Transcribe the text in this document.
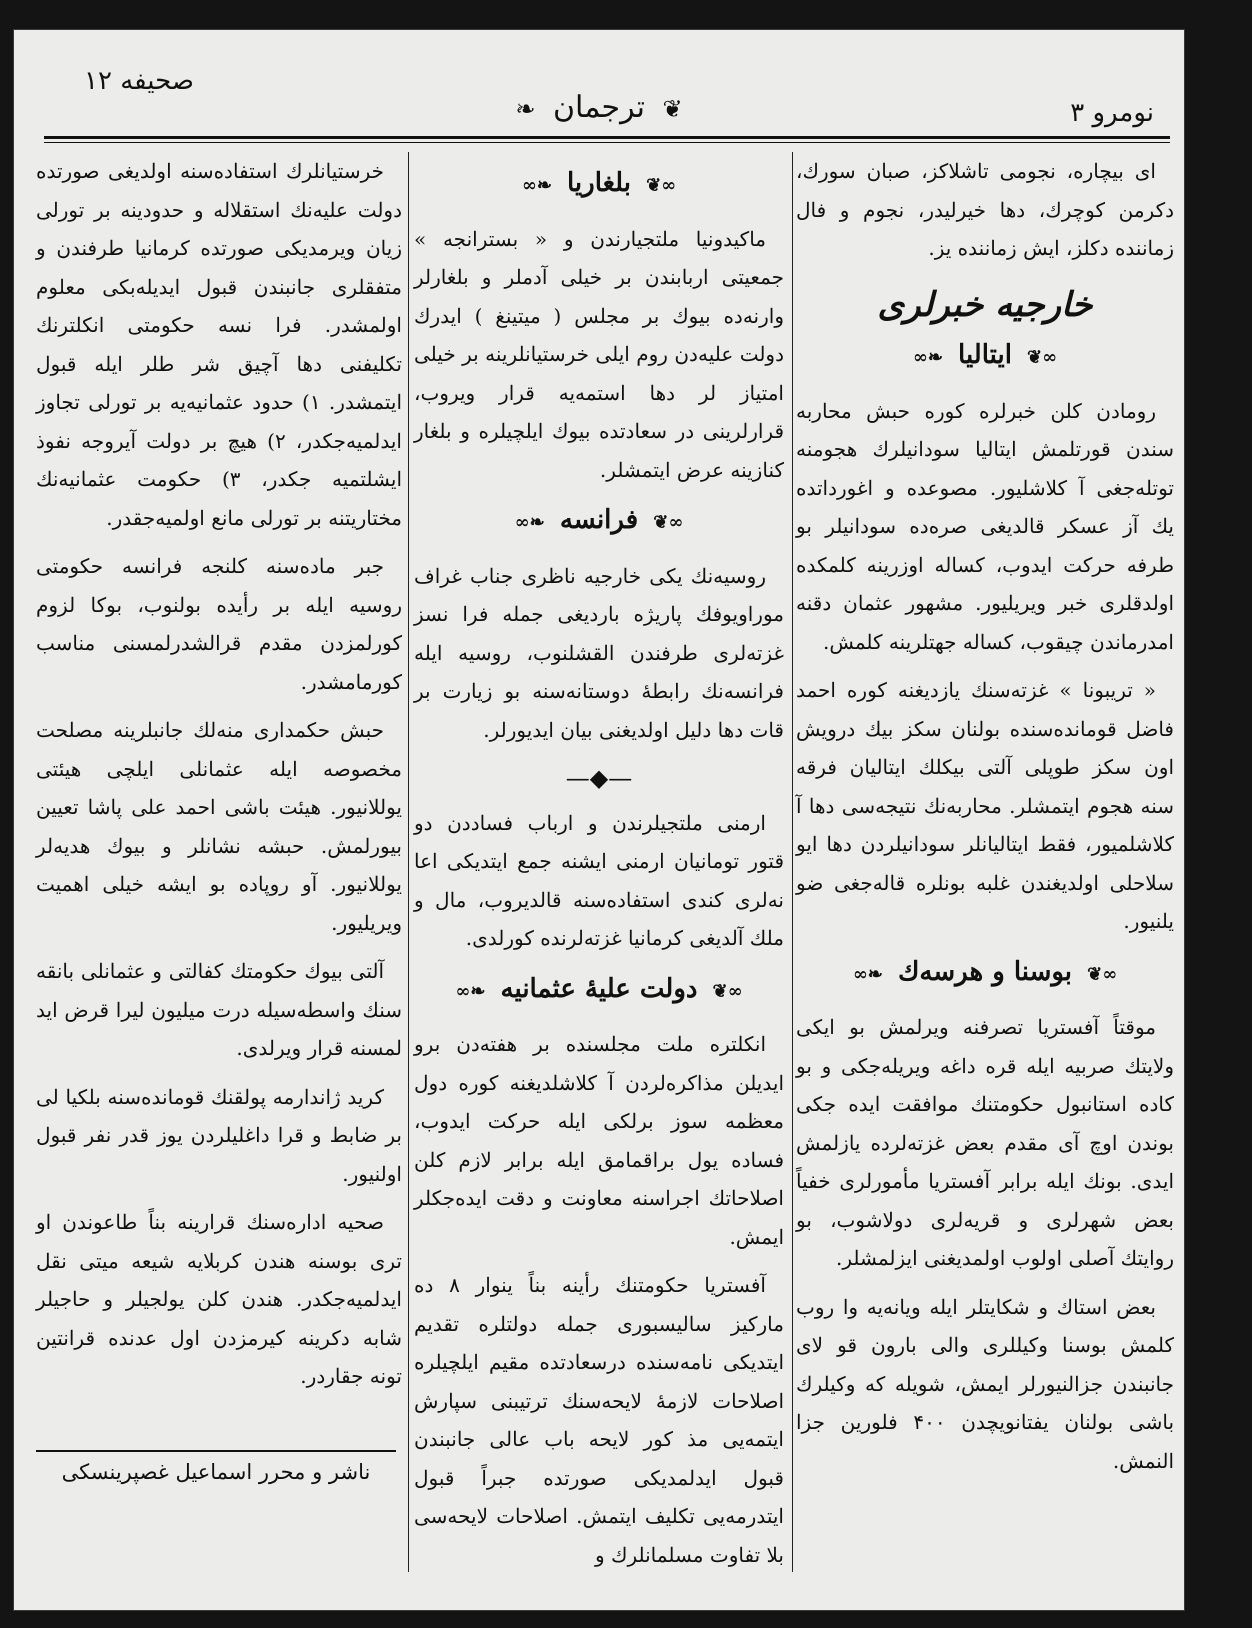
صحیفه ۱۲
❦ ترجمان ❧	نومرو ۳

ای بیچاره، نجومی تاشلاکز، صبان سورك، دکرمن کوچرك، دها خیرلیدر، نجوم و فال زماننده دکلز، ایش زماننده یز.

خارجیه خبرلری
∞❦ ایتالیا ❧∞

رومادن کلن خبرلره کوره حبش محاربه سندن قورتلمش ایتالیا سودانیلرك هجومنه توتلەجغی آ کلاشلیور. مصوعده و اغورداتده یك آز عسکر قالدیغی صرەده سودانیلر بو طرفه حرکت ایدوب، کساله اوزرینه کلمکده اولدقلری خبر ویریلیور. مشهور عثمان دقنه امدرماندن چیقوب، کساله جهتلرینه کلمش.

« تریبونا » غزتەسنك یازدیغنه کوره احمد فاضل قوماندەسنده بولنان سکز بیك درویش اون سکز طوپلی آلتی بیکلك ایتالیان فرقه سنه هجوم ایتمشلر. محاربەنك نتیجەسی دها آ کلاشلمیور، فقط ایتالیانلر سودانیلردن دها ایو سلاحلی اولدیغندن غلبه بونلره قالەجغی ضو یلنیور.

∞❦ بوسنا و هرسەك ❧∞

موقتاً آفستریا تصرفنه ویرلمش بو ایکی ولایتك صربیه ایله قره داغه ویریلەجکی و بو کاده استانبول حکومتنك موافقت ایده جکی بوندن اوچ آی مقدم بعض غزتەلرده یازلمش ایدی. بونك ایله برابر آفستریا مأمورلری خفیاً بعض شهرلری و قریەلری دولاشوب، بو روایتك آصلی اولوب اولمدیغنی ایزلمشلر.

بعض استاك و شکایتلر ایله ویانەیه وا روب کلمش بوسنا وکیللری والی بارون قو لای جانبندن جزالنیورلر ایمش، شویله که وکیلرك باشی بولنان یفتانویچدن ۴۰۰ فلورین جزا النمش.

∞❦ بلغاریا ❧∞

ماکیدونیا ملتجیارندن و « بسترانجه » جمعیتی اربابندن بر خیلی آدملر و بلغارلر وارنەده بیوك بر مجلس ( میتینغ ) ایدرك دولت علیەدن روم ایلی خرستیانلرینه بر خیلی امتیاز لر دها استمەیه قرار ویروب، قرارلرینی در سعادتده بیوك ایلچیلره و بلغار کنازینه عرض ایتمشلر.

∞❦ فرانسه ❧∞

روسیەنك یکی خارجیه ناظری جناب غراف موراویوفك پاریژه باردیغی جمله فرا نسز غزتەلری طرفندن القشلنوب، روسیه ایله فرانسەنك رابطهٔ دوستانەسنه بو زیارت بر قات دها دلیل اولدیغنی بیان ایدیورلر.

—◆—

ارمنی ملتجیلرندن و ارباب فساددن دو قتور تومانیان ارمنی ایشنه جمع ایتدیکی اعا نەلری کندی استفادەسنه قالدیروب، مال و ملك آلدیغی کرمانیا غزتەلرنده کورلدی.

∞❦ دولت علیهٔ عثمانیه ❧∞

انکلتره ملت مجلسنده بر هفتەدن برو ایدیلن مذاکرەلردن آ کلاشلدیغنه کوره دول معظمه سوز برلکی ایله حرکت ایدوب، فساده یول براقمامق ایله برابر لازم کلن اصلاحاتك اجراسنه معاونت و دقت ایدەجکلر ایمش.

آفستریا حکومتنك رأینه بناً ینوار ۸ ده مارکیز سالیسبوری جمله دولتلره تقدیم ایتدیکی نامەسنده درسعادتده مقیم ایلچیلره اصلاحات لازمهٔ لایحەسنك ترتیبنی سپارش ایتمەیی مذ کور لایحه باب عالی جانبندن قبول ایدلمدیکی صورتده جبراً قبول ایتدرمەیی تکلیف ایتمش. اصلاحات لایحەسی بلا تفاوت مسلمانلرك و

خرستیانلرك استفادەسنه اولدیغی صورتده دولت علیەنك استقلاله و حدودینه بر تورلی زیان ویرمدیکی صورتده کرمانیا طرفندن و متفقلری جانبندن قبول ایدیلەبکی معلوم اولمشدر. فرا نسه حکومتی انکلترنك تکلیفنی دها آچیق شر طلر ایله قبول ایتمشدر. ۱) حدود عثمانیەیه بر تورلی تجاوز ایدلمیەجکدر، ۲) هیچ بر دولت آیروجه نفوذ ایشلتمیه جکدر، ۳) حکومت عثمانیەنك مختاریتنه بر تورلی مانع اولمیەجقدر.

جبر مادەسنه کلنجه فرانسه حکومتی روسیه ایله بر رأیده بولنوب، بوکا لزوم کورلمزدن مقدم قرالشدرلمسنی مناسب کورمامشدر.

حبش حکمداری منەلك جانبلرینه مصلحت مخصوصه ایله عثمانلی ایلچی هیئتی یوللانیور. هیئت باشی احمد علی پاشا تعیین بیورلمش. حبشه نشانلر و بیوك هدیەلر یوللانیور. آو روپاده بو ایشه خیلی اهمیت ویریلیور.

آلتی بیوك حکومتك کفالتی و عثمانلی بانقه سنك واسطەسیله درت میلیون لیرا قرض اید لمسنه قرار ویرلدی.

کرید ژاندارمه پولقنك قوماندەسنه بلکیا لی بر ضابط و قرا داغلیلردن یوز قدر نفر قبول اولنیور.

صحیه ادارەسنك قرارینه بناً طاعوندن او تری بوسنه هندن کربلایه شیعه میتی نقل ایدلمیەجکدر. هندن کلن یولجیلر و حاجیلر شابه دکرینه کیرمزدن اول عدنده قرانتین تونه جقاردر.

ناشر و محرر اسماعیل غصپرینسکی
